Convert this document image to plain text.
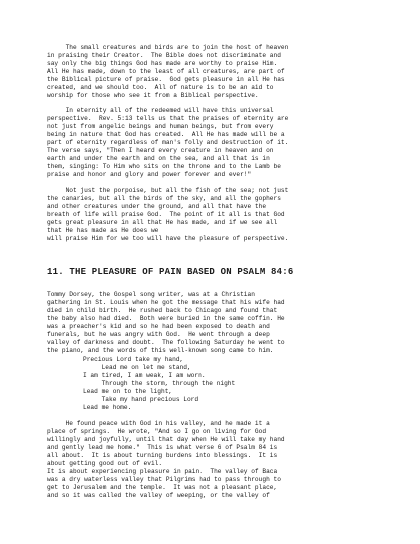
The small creatures and birds are to join the host of heaven
in praising their Creator.  The Bible does not discriminate and
say only the big things God has made are worthy to praise Him.
All He has made, down to the least of all creatures, are part of
the Biblical picture of praise.  God gets pleasure in all He has
created, and we should too.  All of nature is to be an aid to
worship for those who see it from a Biblical perspective.

In eternity all of the redeemed will have this universal
perspective.  Rev. 5:13 tells us that the praises of eternity are
not just from angelic beings and human beings, but from every
being in nature that God has created.  All He has made will be a
part of eternity regardless of man's folly and destruction of it.
The verse says, "Then I heard every creature in heaven and on
earth and under the earth and on the sea, and all that is in
them, singing: To Him who sits on the throne and to the Lamb be
praise and honor and glory and power forever and ever!"

Not just the porpoise, but all the fish of the sea; not just
the canaries, but all the birds of the sky, and all the gophers
and other creatures under the ground, and all that have the
breath of life will praise God.  The point of it all is that God
gets great pleasure in all that He has made, and if we see all
that He has made as He does we
will praise Him for we too will have the pleasure of perspective.

11. THE PLEASURE OF PAIN BASED ON PSALM 84:6

Tommy Dorsey, the Gospel song writer, was at a Christian
gathering in St. Louis when he got the message that his wife had
died in child birth.  He rushed back to Chicago and found that
the baby also had died.  Both were buried in the same coffin. He
was a preacher's kid and so he had been exposed to death and
funerals, but he was angry with God.  He went through a deep
valley of darkness and doubt.  The following Saturday he went to
the piano, and the words of this well-known song came to him.

Precious Lord take my hand,
Lead me on let me stand,
I am tired, I am weak, I am worn.
Through the storm, through the night
Lead me on to the light,
Take my hand precious Lord
Lead me home.

He found peace with God in his valley, and he made it a
place of springs.  He wrote, "And so I go on living for God
willingly and joyfully, until that day when He will take my hand
and gently lead me home."  This is what verse 6 of Psalm 84 is
all about.  It is about turning burdens into blessings.  It is
about getting good out of evil.
It is about experiencing pleasure in pain.  The valley of Baca
was a dry waterless valley that Pilgrims had to pass through to
get to Jerusalem and the temple.  It was not a pleasant place,
and so it was called the valley of weeping, or the valley of
